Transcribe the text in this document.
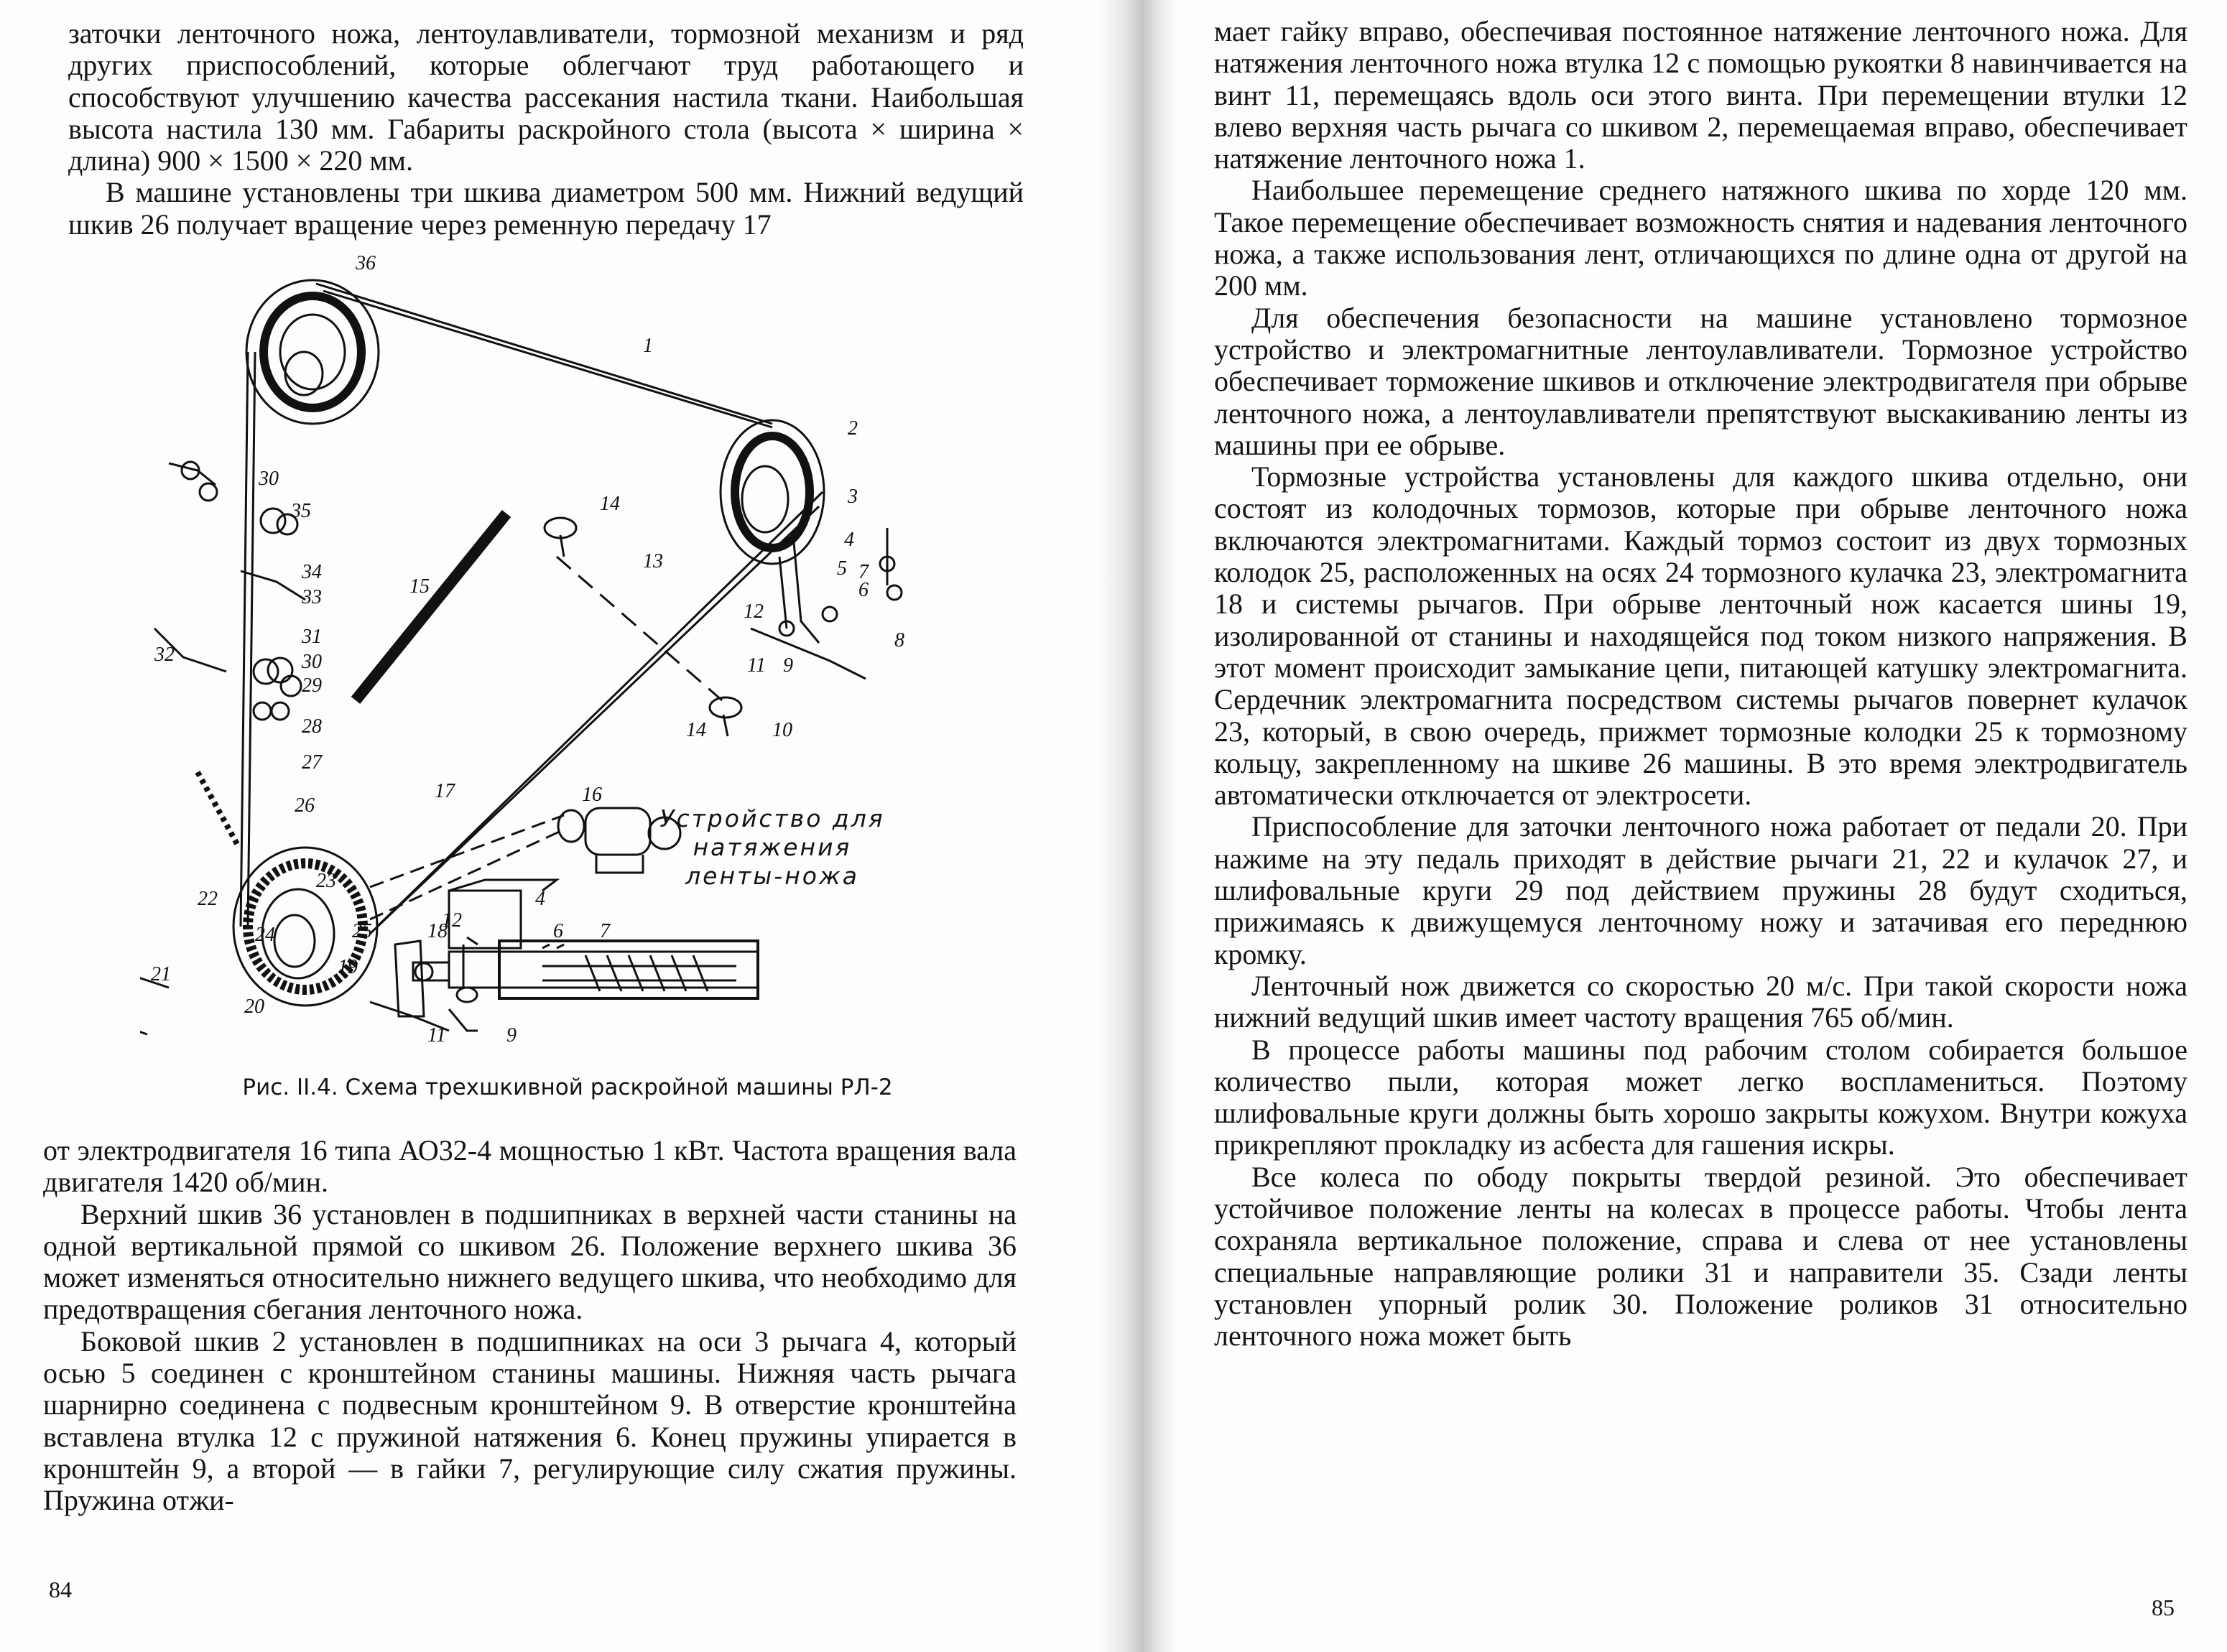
заточки ленточного ножа, лентоулавливатели, тормозной механизм и ряд других приспособлений, которые облегчают труд работающего и способствуют улучшению качества рассекания настила ткани. Наибольшая высота настила 130 мм. Габариты раскройного стола (высота × ширина × длина) 900 × 1500 × 220 мм.

В машине установлены три шкива диаметром 500 мм. Нижний ведущий шкив 26 получает вращение через ременную передачу 17

36
1
2
3
4
5
6
7
8
9
10
11
12
13
14
14
15
16
17
18
19
20
21
22
23
24	25
26
27
28
29
30
31
32
33
34
35
30
12
4
6 7
11	9
Устройство для натяжения ленты-ножа
Рис. II.4. Схема трехшкивной раскройной машины РЛ-2

от электродвигателя 16 типа АО32-4 мощностью 1 кВт. Частота вращения вала двигателя 1420 об/мин.

Верхний шкив 36 установлен в подшипниках в верхней части станины на одной вертикальной прямой со шкивом 26. Положение верхнего шкива 36 может изменяться относительно нижнего ведущего шкива, что необходимо для предотвращения сбегания ленточного ножа.

Боковой шкив 2 установлен в подшипниках на оси 3 рычага 4, который осью 5 соединен с кронштейном станины машины. Нижняя часть рычага шарнирно соединена с подвесным кронштейном 9. В отверстие кронштейна вставлена втулка 12 с пружиной натяжения 6. Конец пружины упирается в кронштейн 9, а второй — в гайки 7, регулирующие силу сжатия пружины. Пружина отжи-

84

мает гайку вправо, обеспечивая постоянное натяжение ленточного ножа. Для натяжения ленточного ножа втулка 12 с помощью рукоятки 8 навинчивается на винт 11, перемещаясь вдоль оси этого винта. При перемещении втулки 12 влево верхняя часть рычага со шкивом 2, перемещаемая вправо, обеспечивает натяжение ленточного ножа 1.

Наибольшее перемещение среднего натяжного шкива по хорде 120 мм. Такое перемещение обеспечивает возможность снятия и надевания ленточного ножа, а также использования лент, отличающихся по длине одна от другой на 200 мм.

Для обеспечения безопасности на машине установлено тормозное устройство и электромагнитные лентоулавливатели. Тормозное устройство обеспечивает торможение шкивов и отключение электродвигателя при обрыве ленточного ножа, а лентоулавливатели препятствуют выскакиванию ленты из машины при ее обрыве.

Тормозные устройства установлены для каждого шкива отдельно, они состоят из колодочных тормозов, которые при обрыве ленточного ножа включаются электромагнитами. Каждый тормоз состоит из двух тормозных колодок 25, расположенных на осях 24 тормозного кулачка 23, электромагнита 18 и системы рычагов. При обрыве ленточный нож касается шины 19, изолированной от станины и находящейся под током низкого напряжения. В этот момент происходит замыкание цепи, питающей катушку электромагнита. Сердечник электромагнита посредством системы рычагов повернет кулачок 23, который, в свою очередь, прижмет тормозные колодки 25 к тормозному кольцу, закрепленному на шкиве 26 машины. В это время электродвигатель автоматически отключается от электросети.

Приспособление для заточки ленточного ножа работает от педали 20. При нажиме на эту педаль приходят в действие рычаги 21, 22 и кулачок 27, и шлифовальные круги 29 под действием пружины 28 будут сходиться, прижимаясь к движущемуся ленточному ножу и затачивая его переднюю кромку.

Ленточный нож движется со скоростью 20 м/с. При такой скорости ножа нижний ведущий шкив имеет частоту вращения 765 об/мин.

В процессе работы машины под рабочим столом собирается большое количество пыли, которая может легко воспламениться. Поэтому шлифовальные круги должны быть хорошо закрыты кожухом. Внутри кожуха прикрепляют прокладку из асбеста для гашения искры.

Все колеса по ободу покрыты твердой резиной. Это обеспечивает устойчивое положение ленты на колесах в процессе работы. Чтобы лента сохраняла вертикальное положение, справа и слева от нее установлены специальные направляющие ролики 31 и направители 35. Сзади ленты установлен упорный ролик 30. Положение роликов 31 относительно ленточного ножа может быть

85
